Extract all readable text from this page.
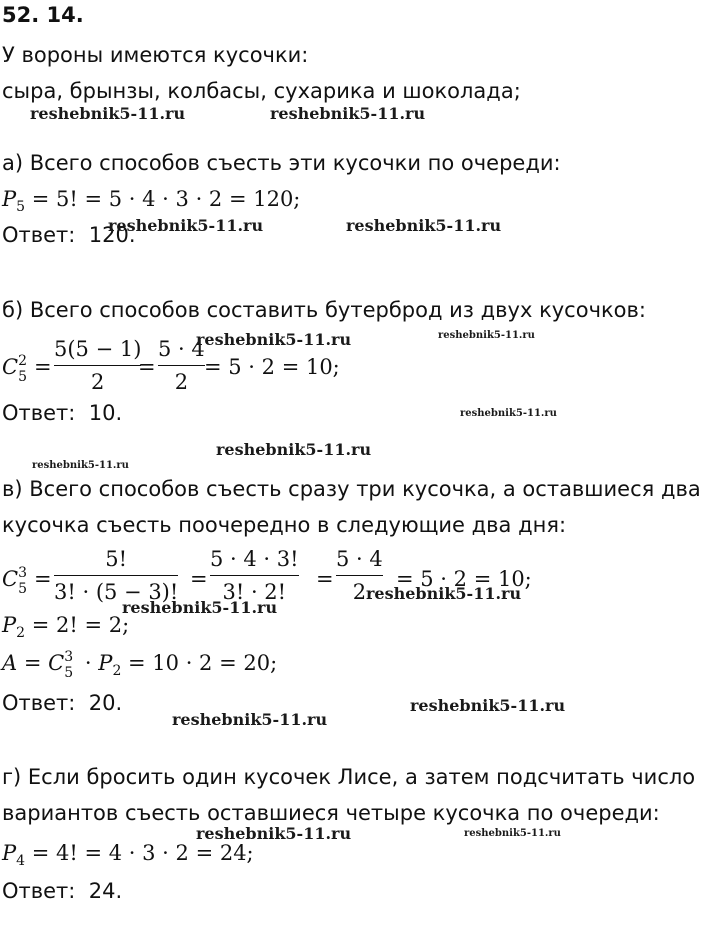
52. 14.
У вороны имеются кусочки:
сыра, брынзы, колбасы, сухарика и шоколада;
а) Всего способов съесть эти кусочки по очереди:
$P_5 = 5$! = 5 · 4 · 3 · 2 = 120;
Ответ: 120.
б) Всего способов составить бутерброд из двух кусочков:
C 2
5 =
5(5 − 1)
2
=
5 · 4
2
= 5 · 2 = 10;
Ответ: 10.
в) Всего способов съесть сразу три кусочка, а оставшиеся два
кусочка съесть поочередно в следующие два дня:
C 3
5 =
5!
3! · (5 − 3)!
=
5 · 4 · 3!
3! · 2!
=
5 · 4
2
= 5 · 2 = 10;
$P_2 = 2$! = 2;
A = C 3
$5 \cdot P_2 = 10 \cdot 2 = 20$;
Ответ: 20.
г) Если бросить один кусочек Лисе, а затем подсчитать число
вариантов съесть оставшиеся четыре кусочка по очереди:
$P_4 = 4$! = 4 · 3 · 2 = 24;
Ответ: 24.
reshebnik5-11.ru	reshebnik5-11.ru
reshebnik5-11.ru	reshebnik5-11.ru
reshebnik5-11.ru	reshebnik5-11.ru
reshebnik5-11.ru
reshebnik5-11.ru
reshebnik5-11.ru
reshebnik5-11.ru
reshebnik5-11.ru
reshebnik5-11.ru
reshebnik5-11.ru
reshebnik5-11.ru	reshebnik5-11.ru
